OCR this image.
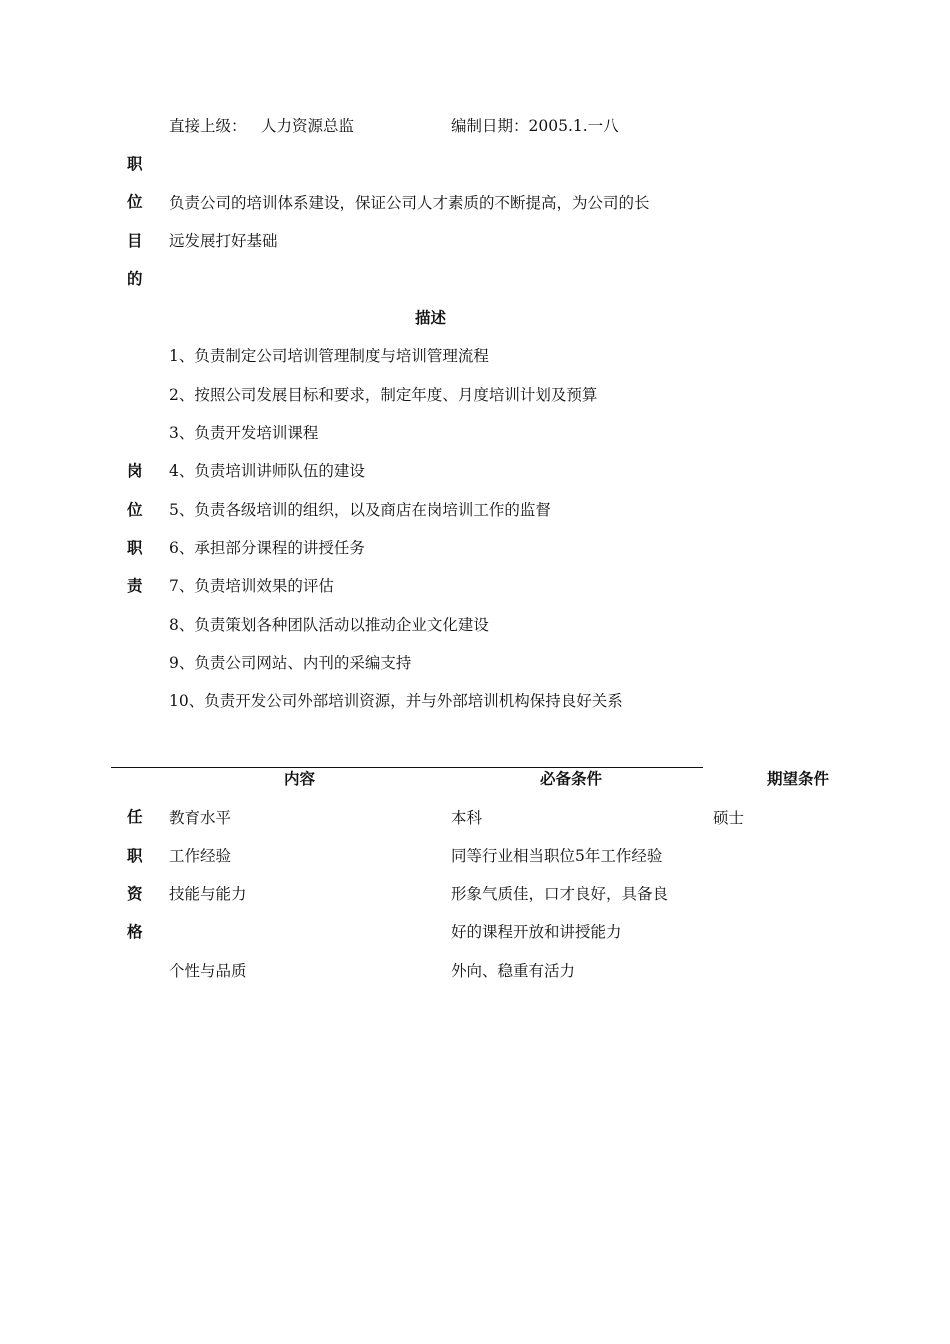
直接上级： 人力资源总监	编制日期：2005.1.一八
职
位
目
的
负责公司的培训体系建设，保证公司人才素质的不断提高，为公司的长
远发展打好基础
描述
1、负责制定公司培训管理制度与培训管理流程
2、按照公司发展目标和要求，制定年度、月度培训计划及预算
3、负责开发培训课程
4、负责培训讲师队伍的建设
5、负责各级培训的组织，以及商店在岗培训工作的监督
6、承担部分课程的讲授任务
7、负责培训效果的评估
8、负责策划各种团队活动以推动企业文化建设
9、负责公司网站、内刊的采编支持
10、负责开发公司外部培训资源，并与外部培训机构保持良好关系
岗
位
职
责
内容	必备条件	期望条件
任
职
资
格
教育水平	本科	硕士
工作经验	同等行业相当职位5年工作经验
技能与能力	形象气质佳，口才良好，具备良
好的课程开放和讲授能力
个性与品质	外向、稳重有活力
